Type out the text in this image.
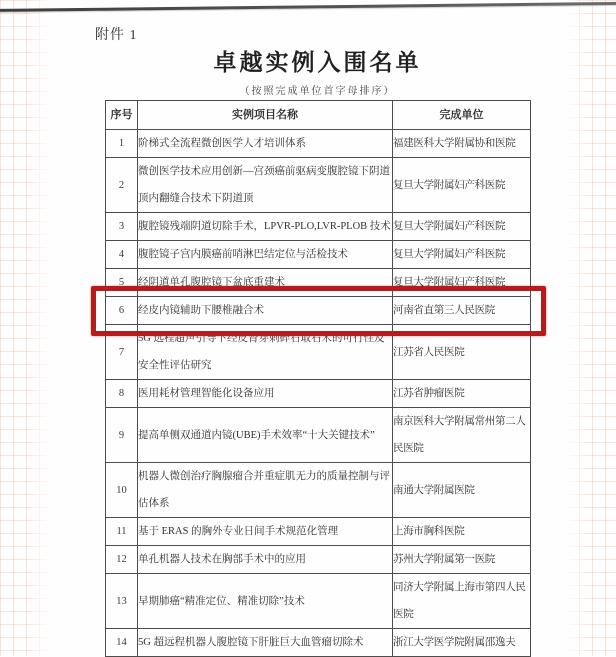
附件 1
卓越实例入围名单
（按照完成单位首字母排序）
序号	实例项目名称	完成单位
1	阶梯式全流程微创医学人才培训体系	福建医科大学附属协和医院
2	微创医学技术应用创新—宫颈癌前驱病变腹腔镜下阴道顶内翻缝合技术下阴道顶	复旦大学附属妇产科医院
3	腹腔镜残端阴道切除手术，LPVR-PLO,LVR-PLOB 技术	复旦大学附属妇产科医院
4	腹腔镜子宫内膜癌前哨淋巴结定位与活检技术	复旦大学附属妇产科医院
5	经阴道单孔腹腔镜下盆底重建术	复旦大学附属妇产科医院
6	经皮内镜辅助下腰椎融合术	河南省直第三人民医院
7	5G 远程超声引导下经皮肾穿刺碎石取石术的可行性及安全性评估研究	江苏省人民医院
8	医用耗材管理智能化设备应用	江苏省肿瘤医院
9	提高单侧双通道内镜(UBE)手术效率“十大关键技术”	南京医科大学附属常州第二人民医院
10	机器人微创治疗胸腺瘤合并重症肌无力的质量控制与评估体系	南通大学附属医院
11	基于 ERAS 的胸外专业日间手术规范化管理	上海市胸科医院
12	单孔机器人技术在胸部手术中的应用	苏州大学附属第一医院
13	早期肺癌“精准定位、精准切除”技术	同济大学附属上海市第四人民医院
14	5G 超远程机器人腹腔镜下肝脏巨大血管瘤切除术	浙江大学医学院附属邵逸夫
